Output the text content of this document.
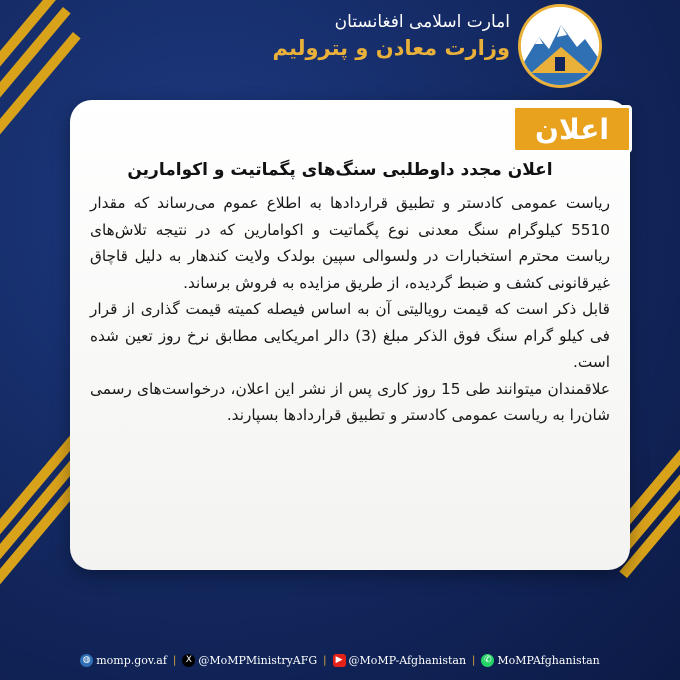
امارت اسلامی افغانستان
وزارت معادن و پترولیم
اعلان
اعلان مجدد داوطلبی سنگ‌های پگماتیت و اکوامارین

ریاست عمومی کادستر و تطبیق قراردادها به اطلاع عموم می‌رساند که مقدار 5510 کیلوگرام سنگ معدنی نوع پگماتیت و اکوامارین که در نتیجه تلاش‌های ریاست محترم استخبارات در ولسوالی سپین بولدک ولایت کندهار به دلیل قاچاق غیرقانونی کشف و ضبط گردیده، از طریق مزایده به فروش برساند.

قابل ذکر است که قیمت رویالیتی آن به اساس فیصله کمیته قیمت گذاری از قرار فی کیلو گرام سنگ فوق الذکر مبلغ (3) دالر امریکایی مطابق نرخ روز تعین شده است.

علاقمندان میتوانند طی 15 روز کاری پس از نشر این اعلان، درخواست‌های رسمی شان‌را به ریاست عمومی کادستر و تطبیق قراردادها بسپارند.

◍ momp.gov.af |	X @MoMPMinistryAFG |	▶ @MoMP-Afghanistan | ✆ MoMPAfghanistan
